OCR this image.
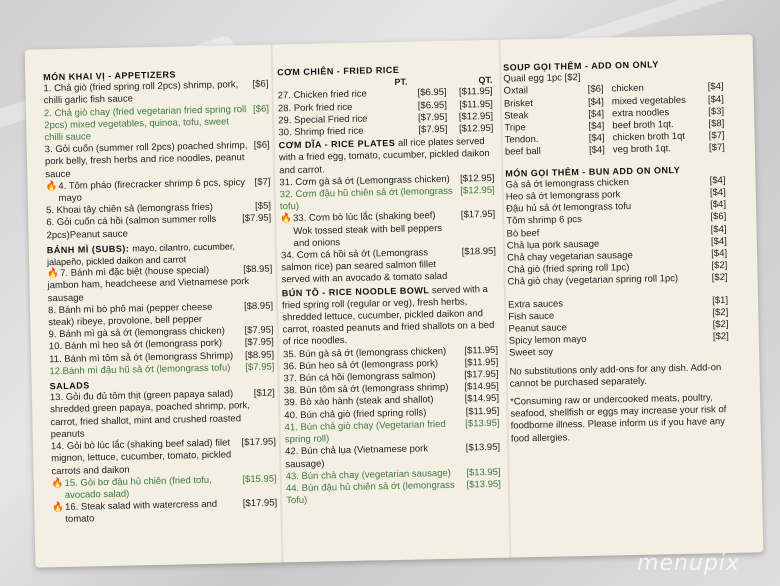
MÓN KHAI VỊ - APPETIZERS
1. Chả giò (fried spring roll 2pcs) shrimp, pork, chilli garlic fish sauce
[$6]
2. Chả giò chay (fried vegetarian fried spring roll 2pcs) mixed vegetables, quinoa, tofu, sweet chilli sauce
[$6]
3. Gỏi cuốn (summer roll 2pcs) poached shrimp, pork belly, fresh herbs and rice noodles, peanut sauce
[$6]
🔥 4. Tôm pháo (firecracker shrimp 6 pcs, spicy mayo
[$7]
5. Khoai tây chiên sả (lemongrass fries)	[$5]
6. Gỏi cuốn cá hồi (salmon summer rolls 2pcs)Peanut sauce
[$7.95]
BÁNH MÌ (SUBS): mayo, cilantro, cucumber, jalapeño, pickled daikon and carrot
🔥 7. Bánh mì đặc biệt (house special)	[$8.95]
jambon ham, headcheese and Vietnamese pork sausage
8. Bánh mì bò phô mai (pepper cheese steak) ribeye, provolone, bell pepper
[$8.95]
9. Bánh mì gà sả ớt (lemongrass chicken)	[$7.95]
10. Bánh mì heo sả ớt (lemongrass pork)	[$7.95]
11. Bánh mì tôm sả ớt (lemongrass Shrimp)	[$8.95]
12.Bánh mì đậu hũ sả ớt (lemongrass tofu)	[$7.95]
SALADS
13. Gỏi đu đủ tôm thịt (green papaya salad) shredded green papaya, poached shrimp, pork, carrot, fried shallot, mint and crushed roasted peanuts
[$12]
14. Gỏi bò lúc lắc (shaking beef salad) filet mignon, lettuce, cucumber, tomato, pickled carrots and daikon
[$17.95]
🔥 15. Gỏi bơ đậu hủ chiên (fried tofu, avocado salad)
[$15.95]
🔥 16. Steak salad with watercress and tomato
[$17.95]
CƠM CHIÊN - FRIED RICE
PT.	QT.
27. Chicken fried rice	[$6.95]	[$11.95]
28. Pork fried rice	[$6.95]	[$11.95]
29. Special Fried rice	[$7.95]	[$12.95]
30. Shrimp fried rice	[$7.95]	[$12.95]
CƠM DĨA - RICE PLATES all rice plates served with a fried egg, tomato, cucumber, pickled daikon and carrot.
31. Cơm gà sả ớt (Lemongrass chicken)	[$12.95]
32. Cơm đậu hũ chiên sả ớt (lemongrass tofu)
[$12.95]
🔥 33. Cơm bò lúc lắc (shaking beef) Wok tossed steak with bell peppers and onions
[$17.95]
34. Cơm cá hồi sả ớt (Lemongrass salmon rice) pan seared salmon fillet served with an avocado & tomato salad
[$18.95]
BÚN TÔ - RICE NOODLE BOWL served with a fried spring roll (regular or veg), fresh herbs, shredded lettuce, cucumber, pickled daikon and carrot, roasted peanuts and fried shallots on a bed of rice noodles.
35. Bún gà sả ớt (lemongrass chicken)	[$11.95]
36. Bún heo sả ớt (lemongrass pork)	[$11.95]
37. Bún cá hồi (lemongrass salmon)	[$17.95]
38. Bún tôm sả ớt (lemongrass shrimp)	[$14.95]
39. Bò xào hành (steak and shallot)	[$14.95]
40. Bún chả giò (fried spring rolls)	[$11.95]
41. Bún chả giò chay (Vegetarian fried spring roll)
[$13.95]
42. Bún chả lụa (Vietnamese pork sausage)
[$13.95]
43. Bún chả chay (vegetarian sausage)	[$13.95]
44. Bún đậu hủ chiên sả ớt (lemongrass Tofu)
[$13.95]
SOUP GỌI THÊM - ADD ON ONLY
Quail egg 1pc [$2]
Oxtail	[$6]
Brisket	[$4]
Steak	[$4]
Tripe	[$4]
Tendon.	[$4]
beef ball	[$4]
chicken	[$4]
mixed vegetables	[$4]
extra noodles	[$3]
beef broth 1qt.	[$8]
chicken broth 1qt	[$7]
veg broth 1qt.	[$7]
MÓN GỌI THÊM - BUN ADD ON ONLY
Gà sả ớt lemongrass chicken	[$4]
Heo sả ớt lemongrass pork	[$4]
Đậu hủ sả ớt lemongrass tofu	[$4]
Tôm shrimp 6 pcs	[$6]
Bò beef	[$4]
Chả lụa pork sausage	[$4]
Chả chay vegetarian sausage	[$4]
Chả giò (fried spring roll 1pc)	[$2]
Chả giò chay (vegetarian spring roll 1pc)	[$2]
Extra sauces	[$1]
Fish sauce	[$2]
Peanut sauce	[$2]
Spicy lemon mayo	[$2]
Sweet soy
No substitutions only add-ons for any dish. Add-on cannot be purchased separately.
*Consuming raw or undercooked meats, poultry, seafood, shellfish or eggs may increase your risk of foodborne illness. Please inform us if you have any food allergies.
menupix
